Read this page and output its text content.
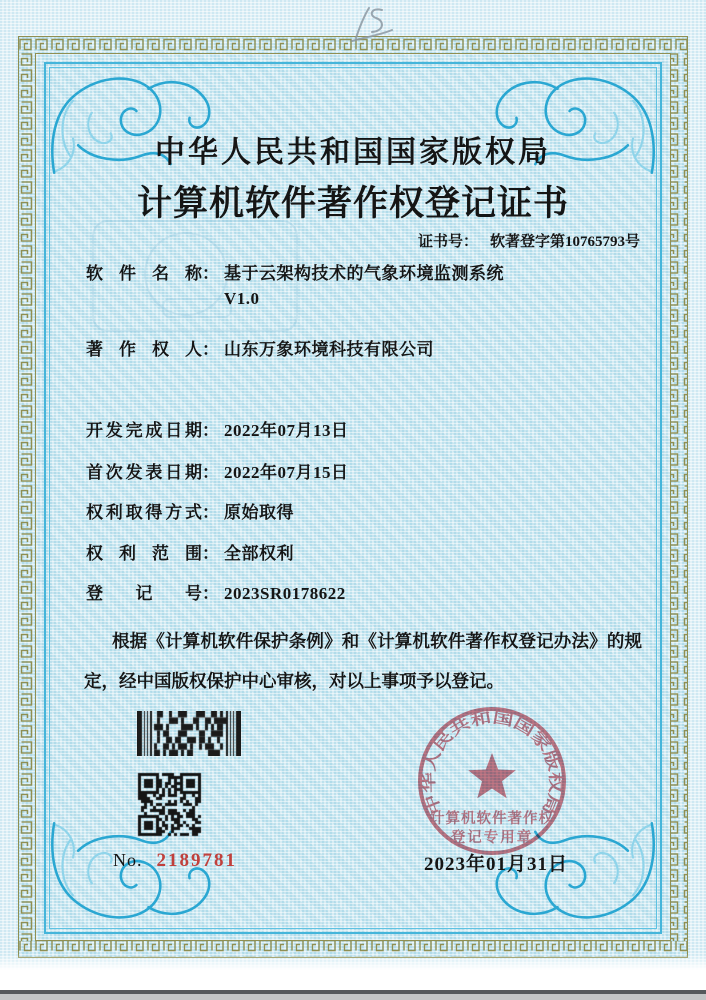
中华人民共和国国家版权局
计算机软件著作权登记证书
证书号： 软著登字第10765793号
软件名称 ： 基于云架构技术的气象环境监测系统
V1.0
著作权人 ： 山东万象环境科技有限公司
开发完成日期 ： 2022年07月13日
首次发表日期 ： 2022年07月15日
权利取得方式 ： 原始取得
权利范围 ： 全部权利
登记号 ： 2023SR0178622
根据《计算机软件保护条例》和《计算机软件著作权登记办法》的规定，经中国版权保护中心审核，对以上事项予以登记。
中华人民共和国国家版权局
计算机软件著作权
登记专用章
No. 2189781	2023年01月31日
